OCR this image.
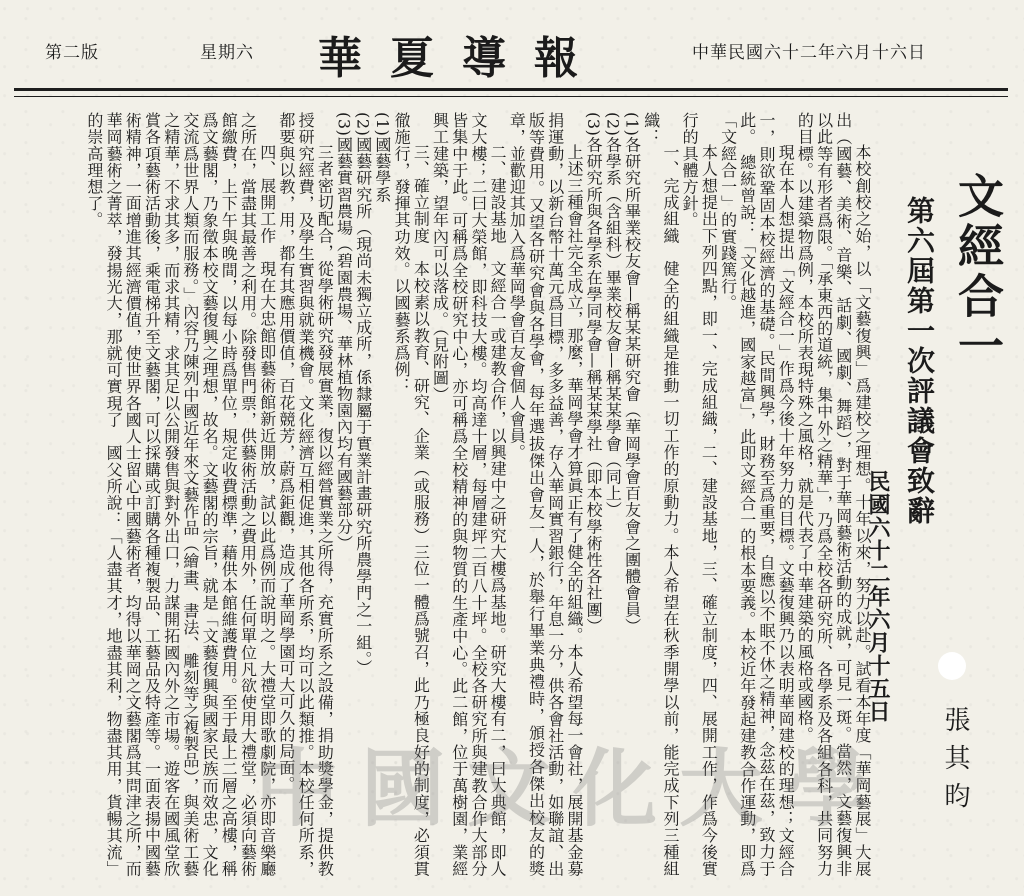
第二版	星期六 華夏導報	中華民國六十二年六月十六日
文經合一
第六屆第一次評議會致辭
民國六十二年六月十五日
張其昀

本校創校之始，以「文藝復興」爲建校之理想。十年以來，努力以赴。試看本年度「華岡藝展」大展出（國藝、美術、音樂、話劇、國劇、舞蹈），對于華岡藝術活動的成就，可見一斑。當然，文藝復興非以此等有形者爲限。「承東西的道統，集中外之精華」，乃爲全校各研究所、各學系及各組各科，共同努力的目標。以建築物爲例，本校所表現特殊之風格，就是代表了中華建築的風格或國格。

現在本人想提出「文經合一」作爲今後十年努力的目標。文藝復興乃以表明華岡建校的理想；文經合一，則欲鞏固本校經濟的基礎。民間興學，財務至爲重要，自應以不眠不休之精神，念茲在茲，致力于此。　總統曾說：「文化越進，國家越富」，此即文經合一的根本要義。本校近年發起建教合作運動，即爲「文經合一」的實踐篤行。

本人想提出下列四點，即一、完成組織，二、建設基地，三、確立制度，四、展開工作，作爲今後實行的具體方針。

一、完成組織　健全的組織是推動一切工作的原動力。本人希望在秋季開學以前，能完成下列三種組織：

(1)各研究所畢業校友會—稱某某研究會（華岡學會百友會之團體會員）

(2)各學系（含組科）畢業校友會—稱某某學會（同上）

(3)各研究所與各學系在學同學會—稱某某學社（即本校學術性各社團）

上述三種會社完全成立，那麼，華岡學會才算眞正有了健全的組織。本人希望每一會社，展開基金募捐運動，以新台幣十萬元爲目標，多多益善，存入華岡實習銀行，年息一分，供各會社活動，如聯誼、出版等費用。又望各研究會與各學會，每年選拔傑出會友一人，於舉行畢業典禮時，頒授各傑出校友的獎章，並歡迎其加入爲華岡學會百友會個人會員。

二、建設基地　文經合一或建教合作，以興建中之研究大樓爲基地。研究大樓有二，曰大典館，即人文大樓；二曰大榮館，即科技大樓。均高達十層，每層建坪二百八十坪。全校各研究所與建教合作大部分皆集中于此。可稱爲全校研究中心，亦可稱爲全校精神的與物質的生產中心。此二館，位于萬樹園，業經興工建築，望年內可以落成。（見附圖）

三、確立制度　本校素以教育、研究、企業（或服務）三位一體爲號召，此乃極良好的制度，必須貫徹施行，發揮其功效。以國藝系爲例：

(1)國藝學系

(2)國藝研究所（現尚未獨立成所，係隸屬于實業計畫研究所農學門之一組。）

(3)國藝實習農場（碧園農場、華林植物園內均有國藝部分）

三者密切配合，從學術研究發展實業，復以經營實業之所得，充實所系之設備，捐助獎學金，提供教授研究經費，及學生實習與就業機會。文化經濟互相促進，其他各所系，均可以此類推。本校任何所系，都要與以教，用，都有其應用價值，百花競芳，蔚爲鉅觀，造成了華岡學園可大可久的局面。

四、展開工作　現在大忠館即藝術館新近開放，試以此爲例而說明之。大禮堂即歌劇院，亦即音樂廳之所在，當盡其最善之利用。除發售門票，供藝術活動之費用外，任何單位凡欲使用大禮堂，必須向藝術館繳費，上下午與晚間，以每小時爲單位，規定收費標準，藉供本館維護費用。至于最上二層之高樓，稱爲文藝閣，乃象徵本校文藝復興之理想，故名。文藝閣的宗旨，就是「文藝復興與國家民族而效忠，文化交流爲世界人類而服務。」內容乃陳列中國近年來文藝作品（繪畫、書法、雕刻等之複製品），與美術工藝之精華，不求其多，而求其精，求其足以公開發售與對外出口，力謀開拓國內外之市場。遊客在國風堂欣賞各項藝術活動後，乘電梯升至文藝閣，可以採購或訂購各種複製品、工藝品及特產等。一面表揚中國藝術精神，一面增進其經濟價值，使世界各國人士留心中國藝術者，均得以華岡之文藝閣爲其問津之所，而華岡藝術之菁萃，發揚光大，那就可實現了　國父所說：「人盡其才，地盡其利，物盡其用，貨暢其流」的崇高理想了。

中國文化大學
